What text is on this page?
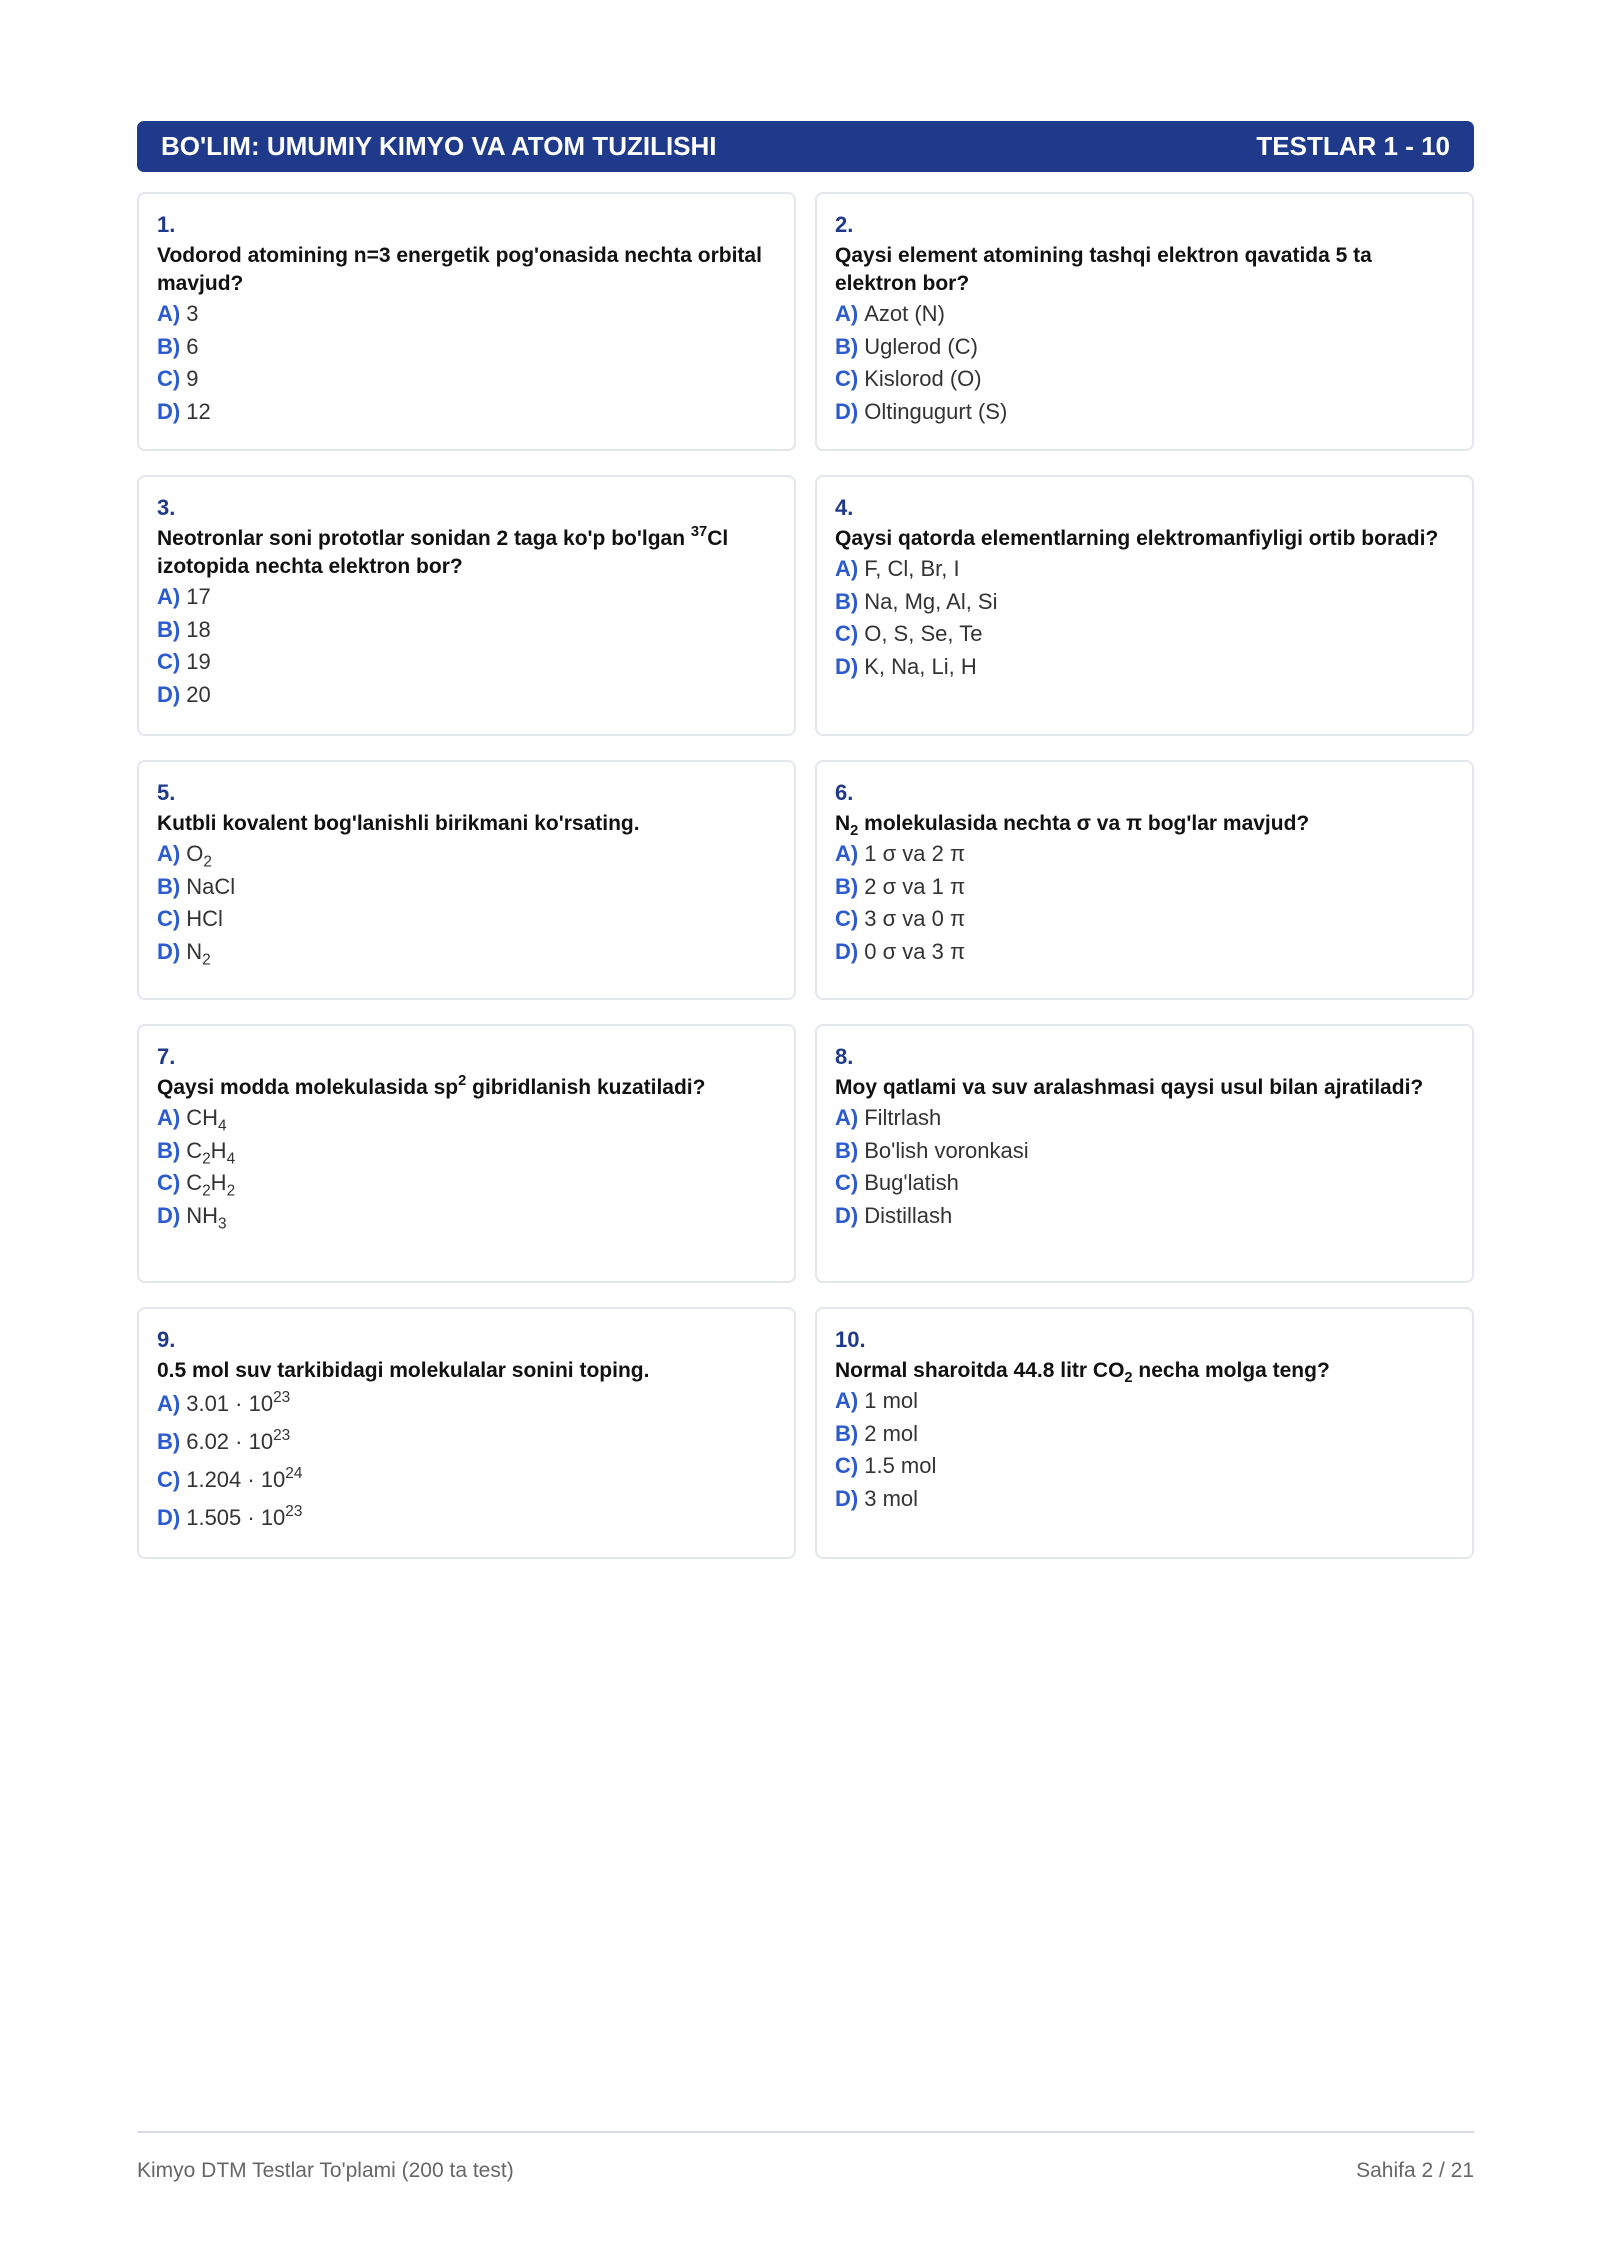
BO'LIM: UMUMIY KIMYO VA ATOM TUZILISHI	TESTLAR 1 - 10
1.
Vodorod atomining n=3 energetik pog'onasida nechta orbital mavjud?
A) 3
B) 6
C) 9
D) 12
2.
Qaysi element atomining tashqi elektron qavatida 5 ta elektron bor?
A) Azot (N)
B) Uglerod (C)
C) Kislorod (O)
D) Oltingugurt (S)
3.
Neotronlar soni prototlar sonidan 2 taga ko'p bo'lgan $^{37}$Cl izotopida nechta elektron bor?
A) 17
B) 18
C) 19
D) 20
4.
Qaysi qatorda elementlarning elektromanfiyligi ortib boradi?
A) F, Cl, Br, I
B) Na, Mg, Al, Si
C) O, S, Se, Te
D) K, Na, Li, H
5.
Kutbli kovalent bog'lanishli birikmani ko'rsating.
A) $O_2$
B) NaCl
C) HCl
D) $N_2$
6.
$N_2$ molekulasida nechta σ va π bog'lar mavjud?
A) 1 σ va 2 π
B) 2 σ va 1 π
C) 3 σ va 0 π
D) 0 σ va 3 π
7.
Qaysi modda molekulasida $sp^2$ gibridlanish kuzatiladi?
A) $CH_4$
B) $C_2H_4$
C) $C_2H_2$
D) $NH_3$
8.
Moy qatlami va suv aralashmasi qaysi usul bilan ajratiladi?
A) Filtrlash
B) Bo'lish voronkasi
C) Bug'latish
D) Distillash
9.
0.5 mol suv tarkibidagi molekulalar sonini toping.
A) $3.01 \cdot 10^{23}$
B) $6.02 \cdot 10^{23}$
C) $1.204 \cdot 10^{24}$
D) $1.505 \cdot 10^{23}$
10.
Normal sharoitda 44.8 litr $CO_2$ necha molga teng?
A) 1 mol
B) 2 mol
C) 1.5 mol
D) 3 mol
Kimyo DTM Testlar To'plami (200 ta test)	Sahifa 2 / 21
